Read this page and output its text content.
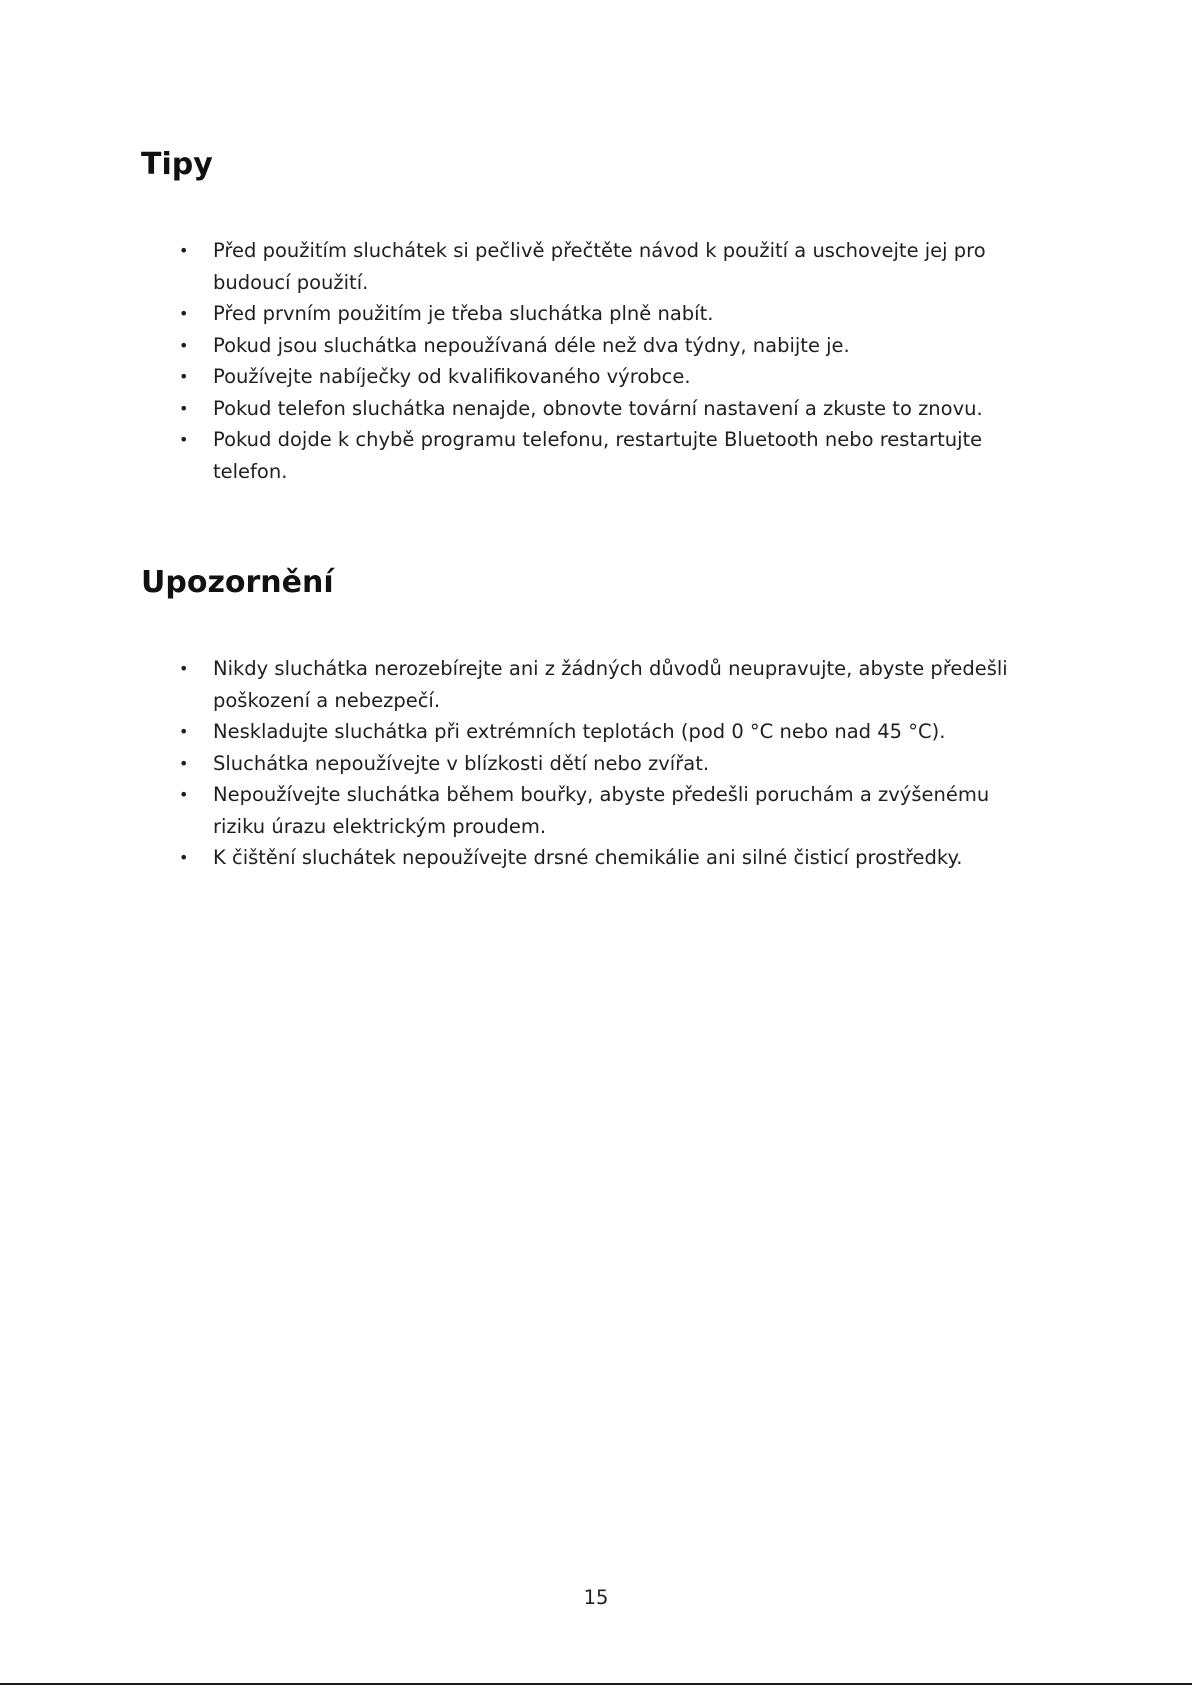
Tipy
• Před použitím sluchátek si pečlivě přečtěte návod k použití a uschovejte jej pro budoucí použití.
• Před prvním použitím je třeba sluchátka plně nabít.
• Pokud jsou sluchátka nepoužívaná déle než dva týdny, nabijte je.
• Používejte nabíječky od kvalifikovaného výrobce.
• Pokud telefon sluchátka nenajde, obnovte tovární nastavení a zkuste to znovu.
• Pokud dojde k chybě programu telefonu, restartujte Bluetooth nebo restartujte telefon.
Upozornění
• Nikdy sluchátka nerozebírejte ani z žádných důvodů neupravujte, abyste předešli poškození a nebezpečí.
• Neskladujte sluchátka při extrémních teplotách (pod 0 °C nebo nad 45 °C).
• Sluchátka nepoužívejte v blízkosti dětí nebo zvířat.
• Nepoužívejte sluchátka během bouřky, abyste předešli poruchám a zvýšenému riziku úrazu elektrickým proudem.
• K čištění sluchátek nepoužívejte drsné chemikálie ani silné čisticí prostředky.
15
